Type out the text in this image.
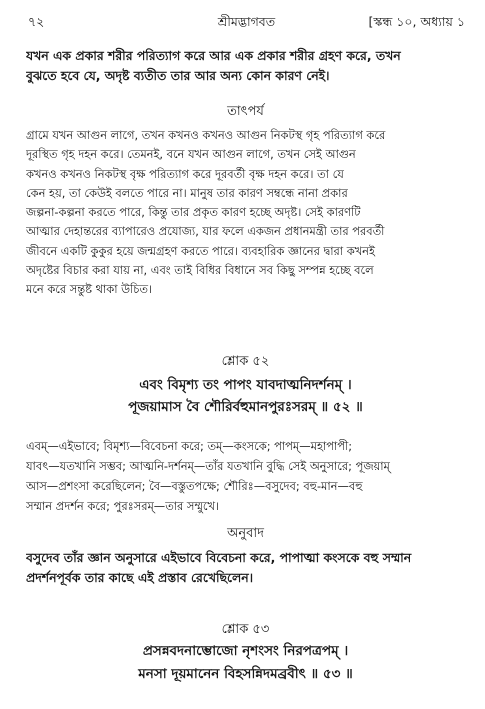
৭২	শ্রীমদ্ভাগবত	[স্কন্ধ ১০, অধ্যায় ১
যখন এক প্রকার শরীর পরিত্যাগ করে আর এক প্রকার শরীর গ্রহণ করে, তখন
বুঝতে হবে যে, অদৃষ্ট ব্যতীত তার আর অন্য কোন কারণ নেই।
তাৎপর্য
গ্রামে যখন আগুন লাগে, তখন কখনও কখনও আগুন নিকটস্থ গৃহ পরিত্যাগ করে
দূরস্থিত গৃহ দহন করে। তেমনই, বনে যখন আগুন লাগে, তখন সেই আগুন
কখনও কখনও নিকটস্থ বৃক্ষ পরিত্যাগ করে দূরবর্তী বৃক্ষ দহন করে। তা যে
কেন হয়, তা কেউই বলতে পারে না। মানুষ তার কারণ সম্বন্ধে নানা প্রকার
জল্পনা-কল্পনা করতে পারে, কিন্তু তার প্রকৃত কারণ হচ্ছে অদৃষ্ট। সেই কারণটি
আত্মার দেহান্তরের ব্যাপারেও প্রযোজ্য, যার ফলে একজন প্রধানমন্ত্রী তার পরবর্তী
জীবনে একটি কুকুর হয়ে জন্মগ্রহণ করতে পারে। ব্যবহারিক জ্ঞানের দ্বারা কখনই
অদৃষ্টের বিচার করা যায় না, এবং তাই বিধির বিধানে সব কিছু সম্পন্ন হচ্ছে বলে
মনে করে সন্তুষ্ট থাকা উচিত।
শ্লোক ৫২
এবং বিমৃশ্য তং পাপং যাবদাত্মনিদর্শনম্ ।
পূজয়ামাস বৈ শৌরির্বহুমানপুরঃসরম্ ॥ ৫২ ॥
এবম্—এইভাবে; বিমৃশ্য—বিবেচনা করে; তম্—কংসকে; পাপম্—মহাপাপী;
যাবৎ—যতখানি সম্ভব; আত্মনি-দর্শনম্—তাঁর যতখানি বুদ্ধি সেই অনুসারে; পূজয়াম্
আস—প্রশংসা করেছিলেন; বৈ—বস্তুতপক্ষে; শৌরিঃ—বসুদেব; বহু-মান—বহু
সম্মান প্রদর্শন করে; পুরঃসরম্—তার সম্মুখে।
অনুবাদ
বসুদেব তাঁর জ্ঞান অনুসারে এইভাবে বিবেচনা করে, পাপাত্মা কংসকে বহু সম্মান
প্রদর্শনপূর্বক তার কাছে এই প্রস্তাব রেখেছিলেন।
শ্লোক ৫৩
প্রসন্নবদনাম্ভোজো নৃশংসং নিরপত্রপম্ ।
মনসা দূয়মানেন বিহসন্নিদমব্রবীৎ ॥ ৫৩ ॥
